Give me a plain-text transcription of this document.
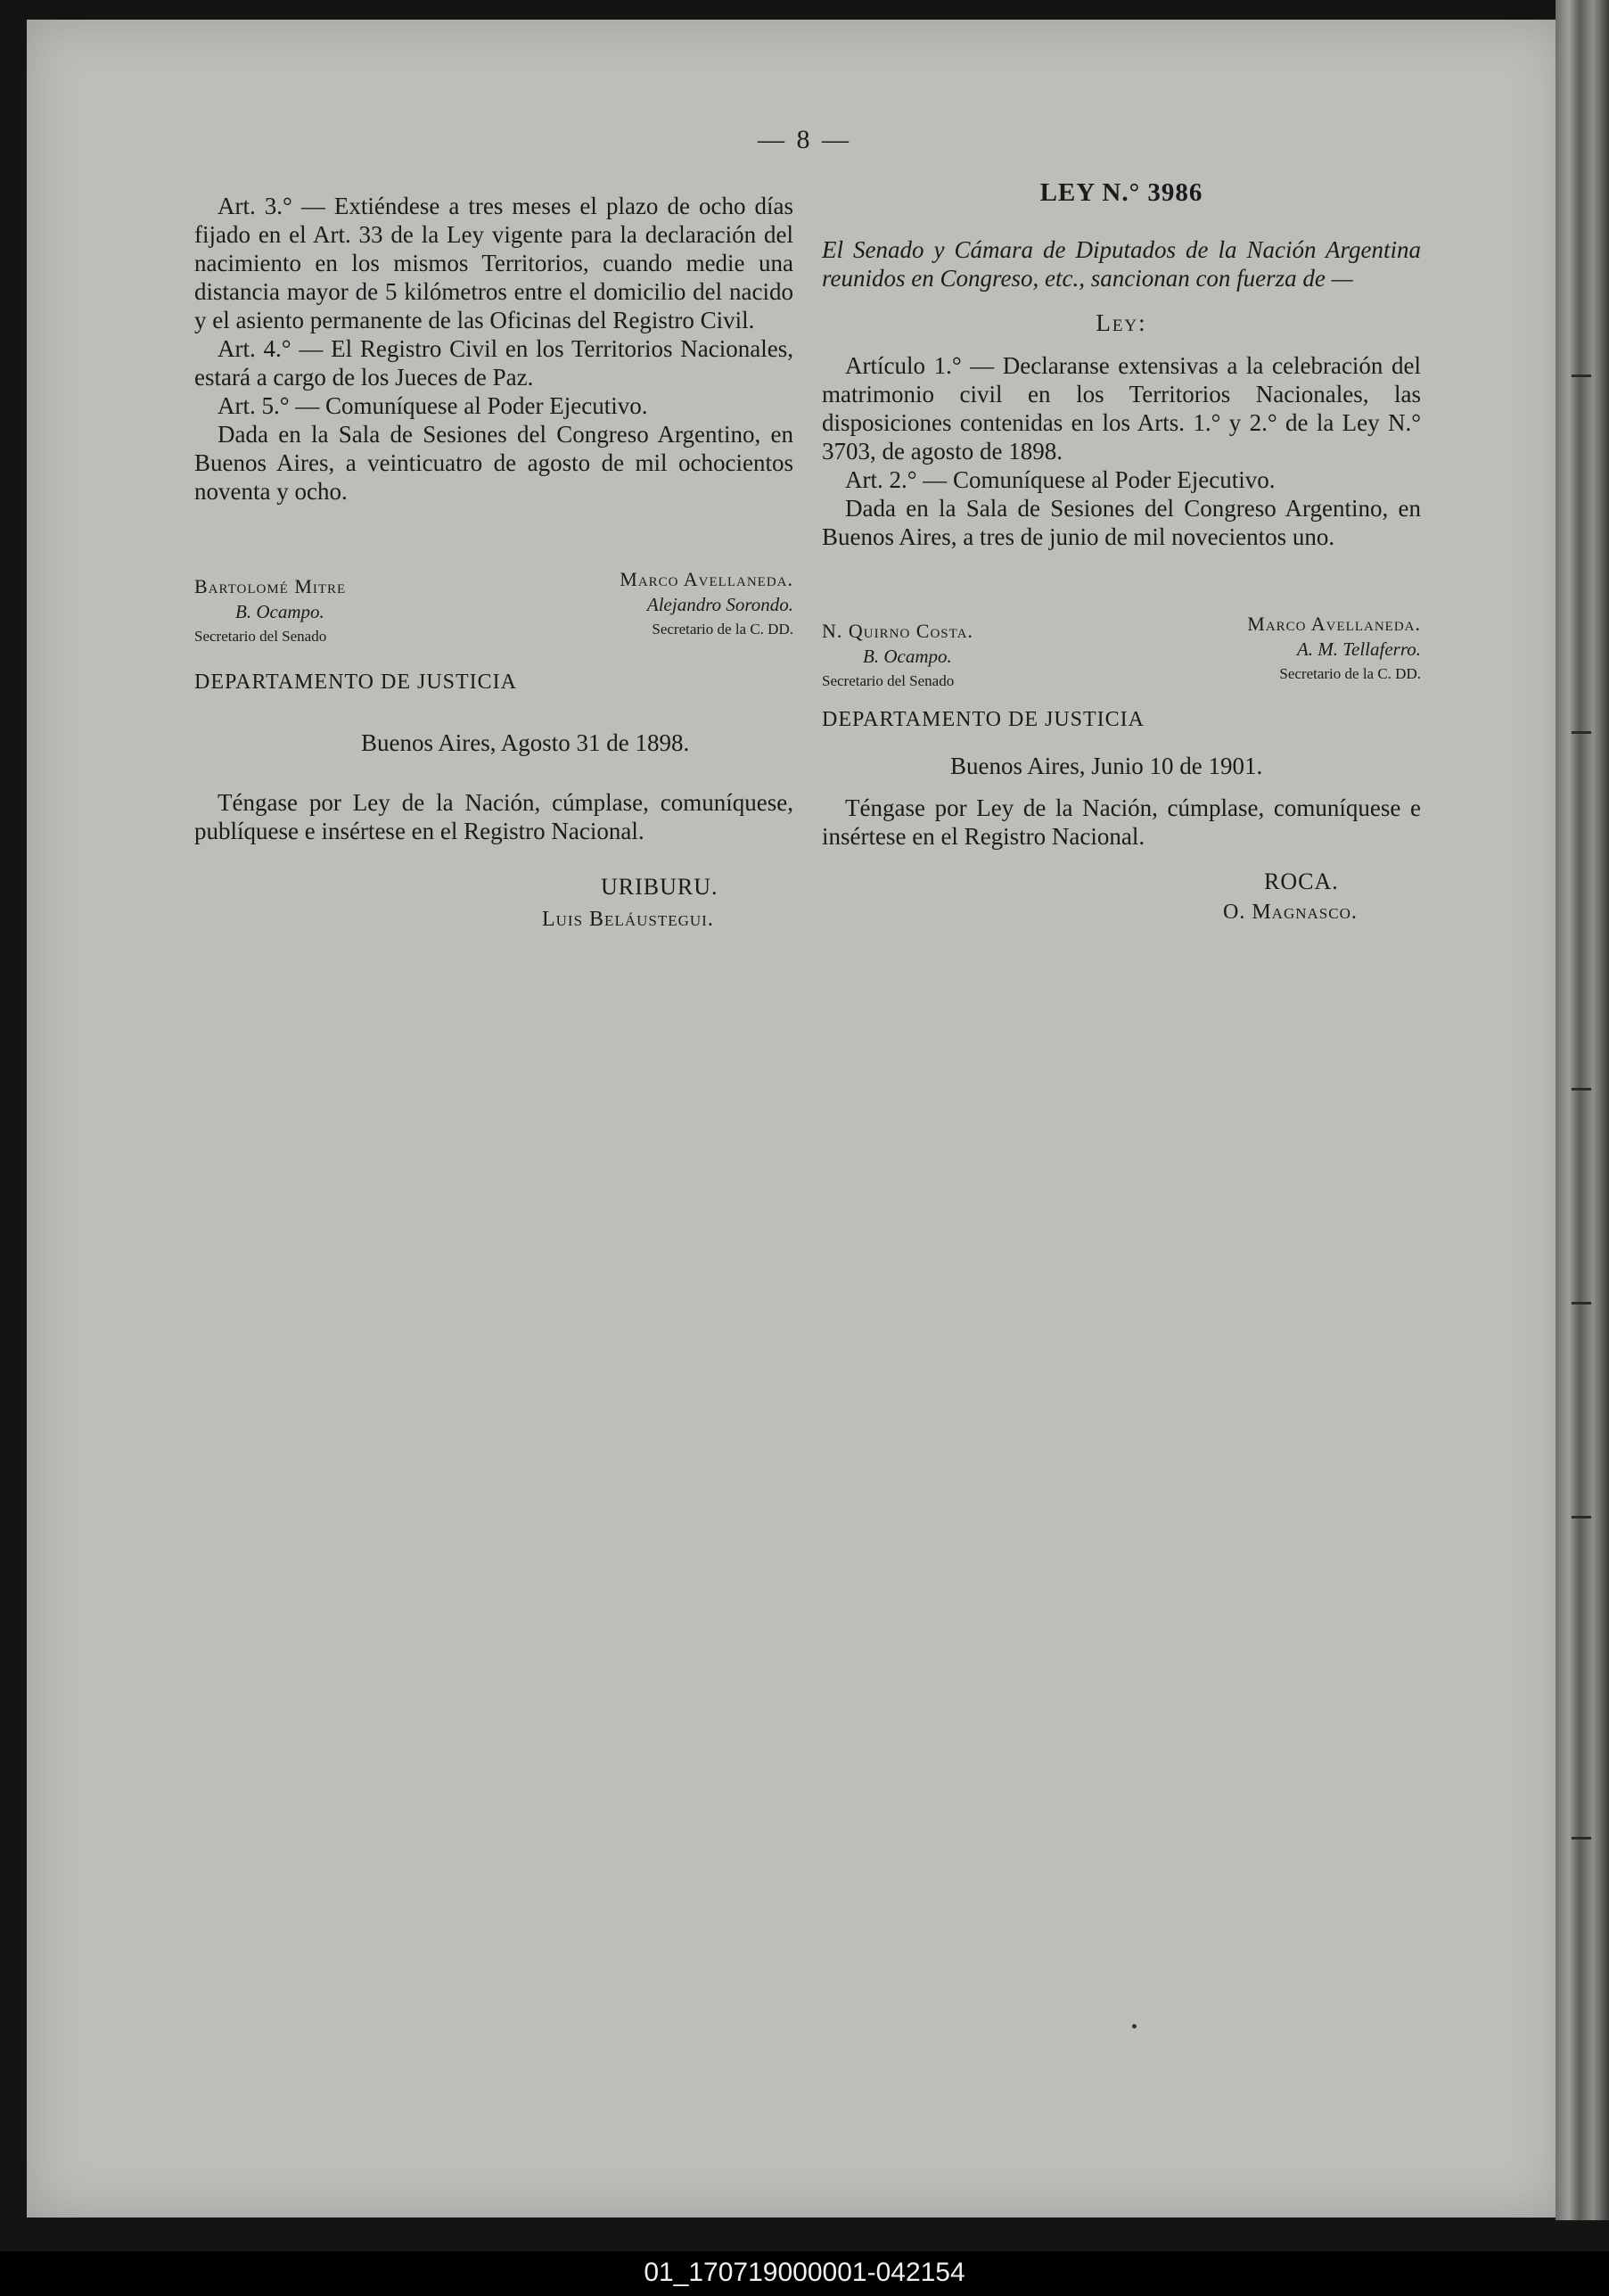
— 8 —

Art. 3.° — Extiéndese a tres meses el plazo de ocho días fijado en el Art. 33 de la Ley vigente para la declaración del nacimiento en los mismos Territorios, cuando medie una distancia mayor de 5 kilómetros entre el domicilio del nacido y el asiento permanente de las Oficinas del Registro Civil.

Art. 4.° — El Registro Civil en los Territorios Nacionales, estará a cargo de los Jueces de Paz.

Art. 5.° — Comuníquese al Poder Ejecutivo.

Dada en la Sala de Sesiones del Congreso Argentino, en Buenos Aires, a veinticuatro de agosto de mil ochocientos noventa y ocho.

Bartolomé Mitre
B. Ocampo.
Secretario del Senado
Marco Avellaneda.
Alejandro Sorondo.
Secretario de la C. DD.
DEPARTAMENTO DE JUSTICIA
Buenos Aires, Agosto 31 de 1898.

Téngase por Ley de la Nación, cúmplase, comuníquese, publíquese e insértese en el Registro Nacional.

URIBURU.
Luis Beláustegui.
LEY N.° 3986

El Senado y Cámara de Diputados de la Nación Argentina reunidos en Congreso, etc., sancionan con fuerza de —

Ley:

Artículo 1.° — Declaranse extensivas a la celebración del matrimonio civil en los Territorios Nacionales, las disposiciones contenidas en los Arts. 1.° y 2.° de la Ley N.° 3703, de agosto de 1898.

Art. 2.° — Comuníquese al Poder Ejecutivo.

Dada en la Sala de Sesiones del Congreso Argentino, en Buenos Aires, a tres de junio de mil novecientos uno.

N. Quirno Costa.
B. Ocampo.
Secretario del Senado
Marco Avellaneda.
A. M. Tellaferro.
Secretario de la C. DD.
DEPARTAMENTO DE JUSTICIA
Buenos Aires, Junio 10 de 1901.

Téngase por Ley de la Nación, cúmplase, comuníquese e insértese en el Registro Nacional.

ROCA.
O. Magnasco.
01_170719000001-042154
